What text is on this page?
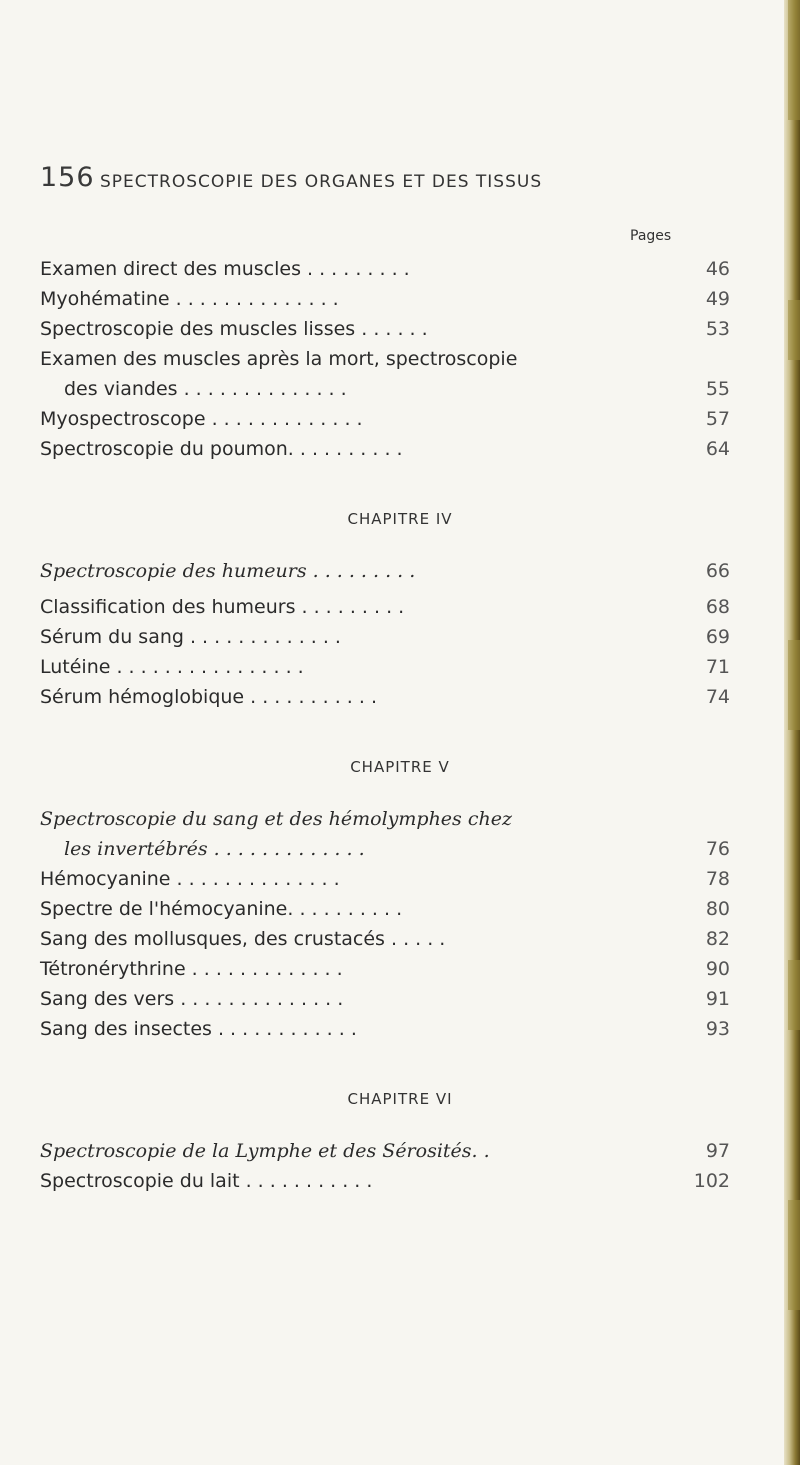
156 SPECTROSCOPIE DES ORGANES ET DES TISSUS
Pages
Examen direct des muscles . . . . . . . . .	46
Myohématine . . . . . . . . . . . . . .	49
Spectroscopie des muscles lisses . . . . . .	53
Examen des muscles après la mort, spectroscopie
des viandes . . . . . . . . . . . . . .	55
Myospectroscope . . . . . . . . . . . . .	57
Spectroscopie du poumon. . . . . . . . . .	64
CHAPITRE IV
Spectroscopie des humeurs . . . . . . . . .	66
Classification des humeurs . . . . . . . . .	68
Sérum du sang . . . . . . . . . . . . .	69
Lutéine . . . . . . . . . . . . . . . .	71
Sérum hémoglobique . . . . . . . . . . .	74
CHAPITRE V
Spectroscopie du sang et des hémolymphes chez
les invertébrés . . . . . . . . . . . . .	76
Hémocyanine . . . . . . . . . . . . . .	78
Spectre de l'hémocyanine. . . . . . . . . .	80
Sang des mollusques, des crustacés . . . . .	82
Tétronérythrine . . . . . . . . . . . . .	90
Sang des vers . . . . . . . . . . . . . .	91
Sang des insectes . . . . . . . . . . . .	93
CHAPITRE VI
Spectroscopie de la Lymphe et des Sérosités. .	97
Spectroscopie du lait . . . . . . . . . . .	102
